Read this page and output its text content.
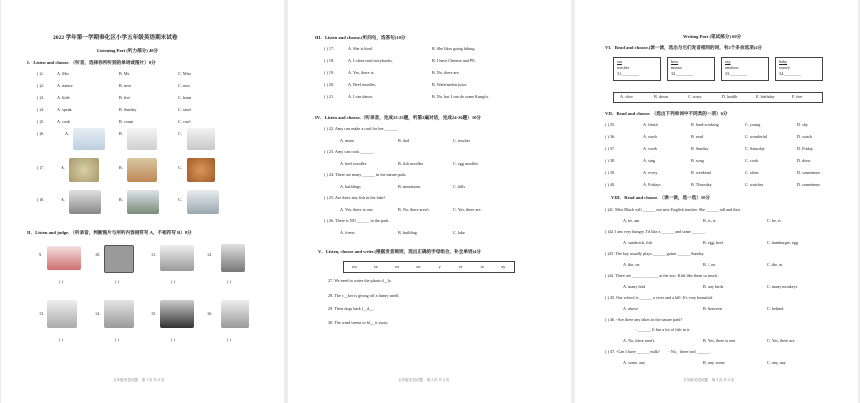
2022 学年第一学期奉化区小学五年级英语期末试卷
Listening Part (听力部分) 40分
I．Listen and choose. （听音，选择你所听到的单词或图片）8分
( )1.	A. Mrs	B. Ms	C. Miss
( )2.	A. nature	B. next	C. now
( )3.	A. little	B. live	C. learn
( )4.	A. speak	B. Sunday	C. send
( )5.	A. cook	B. count	C. can't
( )6.	A.	B.	C.
( )7.	A.	B.	C.
( )8.	A.	B.	C.
II．Listen and judge. （听录音，判断图片与所听内容相符写 A，不相符写 B）8分
9.	10.	11.	12.
( )	( )	( )	( )
13.	14.	15.	16.
( )	( )	( )	( )
五年级英语试题　第 1 页 共 4 页
III．Listen and choose.(听问句，选答句)10分
( ) 17.	A. She is kind.	B. She likes going hiking.
( ) 18.	A. I often read storybooks.	B. I have Chinese and PE.
( ) 19.	A. Yes, there is.	B. No, there are.
( ) 20.	A. Beef noodles.	B. Watermelon juice.
( ) 21.	A. I can dance.	B. No, but I can do some Kungfu.
IV．Listen and choose.（听录音，完成22-23题，听第2遍对话，完成24-26题）10分
( ) 22. Amy can make a card for her ______.
A. mum	B. dad	C. teacher
( ) 23. Amy can cook ______.
A. beef noodles	B. fish noodles	C. egg noodles
( ) 24. There are many ______ in the nature park.
A. buildings	B. mountains	C. hills
( ) 25. Are there any fish in the lake?
A. Yes, there is one.	B. No, there aren't.	C. Yes, there are.
( ) 26. There is NO ______ in the park.
A. forest	B. building	C. lake
V．Listen, choose and write.(根据发音规则，选出正确的字母组合，补全单词)4分
ow	ee	ea	ou	y	er	ai	ay
27. We need to water the plants d__ly.
28. The c__ker is giving off a funny smell.
29. Their dogs bark l__d__.
30. The wind seems to bl__ it away.
五年级英语试题　第 2 页 共 4 页
Writing Part (笔试部分) 60分
VI．Read and choose.(读一读，选出与它们发音相同的词，有2个多余选项)4分
eat
teacher
31.________
how
mouse
32.________
say
rainbow
33.________
baby
snowy
34.________
A. slow	B. down	C. sorry	D. health	E. birthday	F. feet
VII．Read and choose. （选出下列单词中不同类的一项）6分
( ) 35.	A. finish	B. hard-working	C. young	D. shy
( ) 36.	A. wash	B. read	C. wonderful	D. watch
( ) 37.	A. week	B. Sunday	C. Saturday	D. Friday
( ) 38.	A. sing	B. song	C. cook	D. draw
( ) 39.	A. every	B. weekend	C. often	D. sometimes
( ) 40.	A. Fridays	B. Thursday	C. watches	D. sometimes
VIII．Read and choose. （读一读，选一选）10分
( )41. Miss Black will ______ our new English teacher. She ______ tall and thin.
A. be, am	B. is, is	C. be, is
( )42. I am very hungry. I'd like a ______ and some ______.
A. sandwich, fish	B. egg, beef	C. hamburger, egg
( )43. The boy usually plays ______ guitar ______ Sunday.
A. the, on	B. /, on	C. the, in
( )44. There are ______ ______ at the zoo. Kids like them so much.
A. many bird	B. any birds	C. many monkeys
( ) 45. Our school is ______ a river and a hill. It's very beautiful.
A. above	B. between	C. behind
( ) 46. -Are there any lakes in the nature park?
- ______. It has a lot of fish in it.
A. No, there aren't.	B. Yes, there is one.	C. Yes, there are.
( ) 47. -Can I have ______ milk?　　- No，there isn't ______.
A. some, any	B. any, some	C. any, any
五年级英语试题　第 3 页 共 4 页
